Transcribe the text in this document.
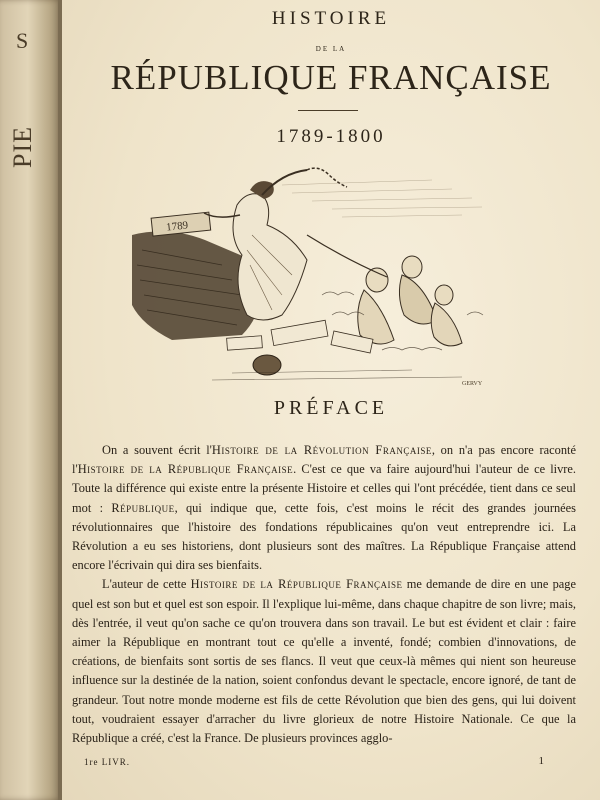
S
PIE
HISTOIRE
DE LA
RÉPUBLIQUE FRANÇAISE
1789-1800
1789
GERVY
PRÉFACE

On a souvent écrit l'Histoire de la Révolution Française, on n'a pas encore raconté l'Histoire de la République Française. C'est ce que va faire aujourd'hui l'auteur de ce livre. Toute la différence qui existe entre la présente Histoire et celles qui l'ont précédée, tient dans ce seul mot : République, qui indique que, cette fois, c'est moins le récit des grandes journées révolutionnaires que l'histoire des fondations républicaines qu'on veut entreprendre ici. La Révolution a eu ses historiens, dont plusieurs sont des maîtres. La République Française attend encore l'écrivain qui dira ses bienfaits.

L'auteur de cette Histoire de la République Française me demande de dire en une page quel est son but et quel est son espoir. Il l'explique lui-même, dans chaque chapitre de son livre; mais, dès l'entrée, il veut qu'on sache ce qu'on trouvera dans son travail. Le but est évident et clair : faire aimer la République en montrant tout ce qu'elle a inventé, fondé; combien d'innovations, de créations, de bienfaits sont sortis de ses flancs. Il veut que ceux-là mêmes qui nient son heureuse influence sur la destinée de la nation, soient confondus devant le spectacle, encore ignoré, de tant de grandeur. Tout notre monde moderne est fils de cette Révolution que bien des gens, qui lui doivent tout, voudraient essayer d'arracher du livre glorieux de notre Histoire Nationale. Ce que la République a créé, c'est la France. De plusieurs provinces agglo-

1re LIVR.	1
